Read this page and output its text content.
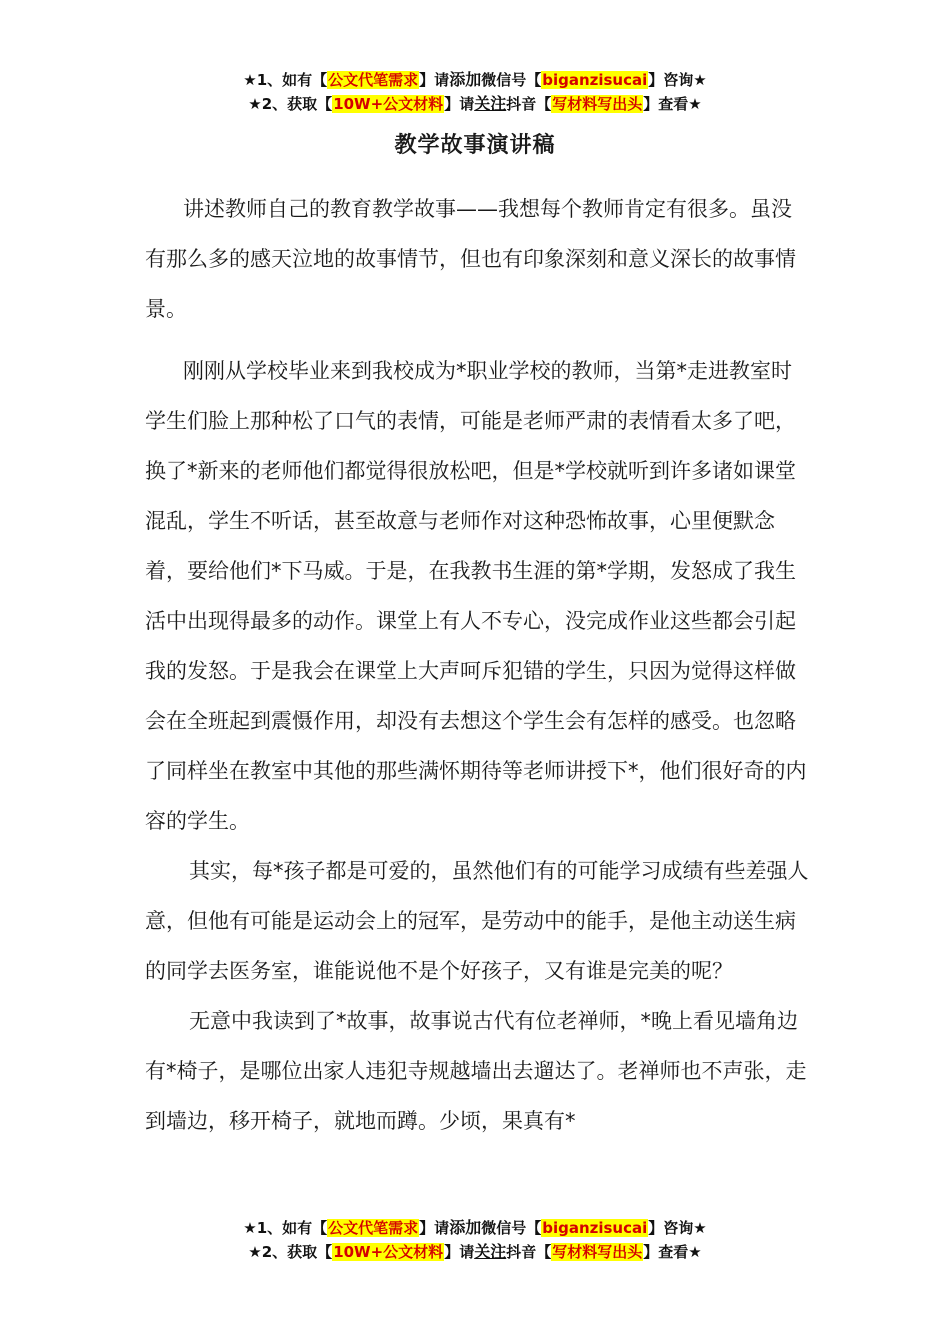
★1、如有【公文代笔需求】请添加微信号【biganzisucai】咨询★
★2、获取【10W+公文材料】请关注抖音【写材料写出头】查看★
教学故事演讲稿

讲述教师自己的教育教学故事——我想每个教师肯定有很多。虽没有那么多的感天泣地的故事情节，但也有印象深刻和意义深长的故事情景。

刚刚从学校毕业来到我校成为*职业学校的教师，当第*走进教室时学生们脸上那种松了口气的表情，可能是老师严肃的表情看太多了吧，换了*新来的老师他们都觉得很放松吧，但是*学校就听到许多诸如课堂混乱，学生不听话，甚至故意与老师作对这种恐怖故事，心里便默念着，要给他们*下马威。于是，在我教书生涯的第*学期，发怒成了我生活中出现得最多的动作。课堂上有人不专心，没完成作业这些都会引起我的发怒。于是我会在课堂上大声呵斥犯错的学生，只因为觉得这样做会在全班起到震慑作用，却没有去想这个学生会有怎样的感受。也忽略了同样坐在教室中其他的那些满怀期待等老师讲授下*，他们很好奇的内容的学生。

其实，每*孩子都是可爱的，虽然他们有的可能学习成绩有些差强人意，但他有可能是运动会上的冠军，是劳动中的能手，是他主动送生病的同学去医务室，谁能说他不是个好孩子，又有谁是完美的呢？

无意中我读到了*故事，故事说古代有位老禅师，*晚上看见墙角边有*椅子，是哪位出家人违犯寺规越墙出去遛达了。老禅师也不声张，走到墙边，移开椅子，就地而蹲。少顷，果真有*

★1、如有【公文代笔需求】请添加微信号【biganzisucai】咨询★
★2、获取【10W+公文材料】请关注抖音【写材料写出头】查看★
